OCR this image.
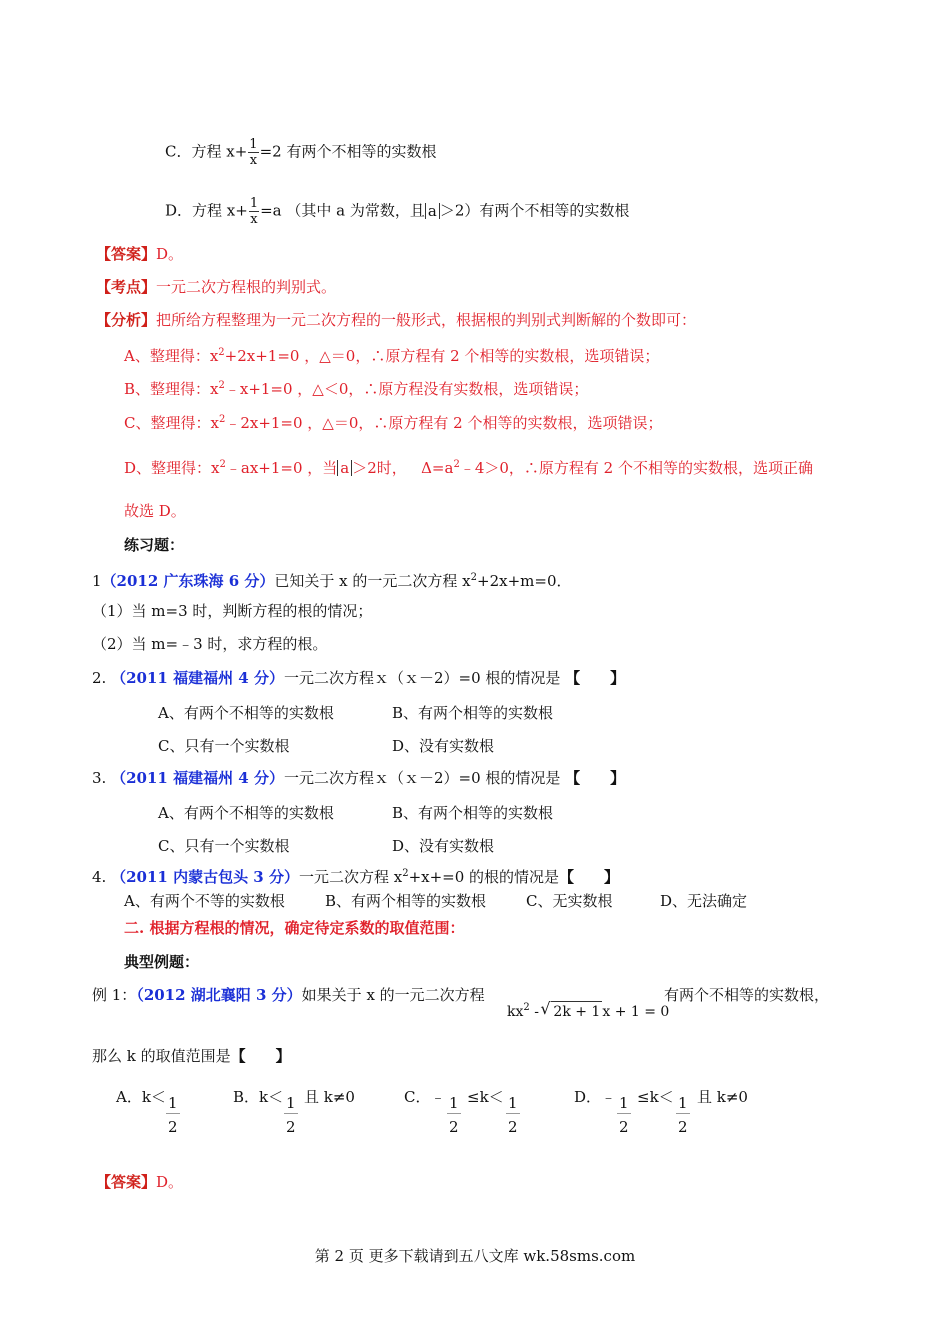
C．方程 $x+ \frac{1}{x} =2$ 有两个不相等的实数根
D．方程 $x+ \frac{1}{x} =a$ （其中 a 为常数，且 a ＞2）有两个不相等的实数根
【答案】D。
【考点】一元二次方程根的判别式。
【分析】把所给方程整理为一元二次方程的一般形式，根据根的判别式判断解的个数即可：
A、整理得：$x^2+2x+1=0$ ，△＝0，∴原方程有 2 个相等的实数根，选项错误；
B、整理得：$x^2﹣x+1=0$ ，△＜0，∴原方程没有实数根，选项错误；
C、整理得：$x^2﹣2x+1=0$ ，△＝0，∴原方程有 2 个相等的实数根，选项错误；
D、整理得：$x^2﹣ax+1=0$ ，当 a ＞2时， $\Delta=a^2﹣4>0$，∴原方程有 2 个不相等的实数根，选项正确
故选 D。
练习题：
1（2012 广东珠海 6 分）已知关于 x 的一元二次方程 $x^2+2x+m=0$．
（1）当 m=3 时，判断方程的根的情况；
（2）当 m=﹣3 时，求方程的根。
2. （2011 福建福州 4 分）一元二次方程ｘ（ｘ－2）=0 根的情况是 【　　】
A、有两个不相等的实数根	B、有两个相等的实数根
C、只有一个实数根	D、没有实数根
3. （2011 福建福州 4 分）一元二次方程ｘ（ｘ－2）=0 根的情况是 【　　】
A、有两个不相等的实数根	B、有两个相等的实数根
C、只有一个实数根	D、没有实数根
4. （2011 内蒙古包头 3 分）一元二次方程 $x^2+x+=0$ 的根的情况是【　　】
A、有两个不等的实数根	B、有两个相等的实数根	C、无实数根	D、无法确定
二. 根据方程根的情况，确定待定系数的取值范围：
典型例题：
例 1：（2012 湖北襄阳 3 分）如果关于 x 的一元二次方程
$kx^2$ - √ 2k + 1 x + 1 = 0
有两个不相等的实数根，
那么 k 的取值范围是【　　】
A．k＜ 1
2
B．k＜ 1
2
且 k≠0	C．﹣ 1
2
≤k＜ 1
2
D．﹣ 1
2
≤k＜ 1
2
且 k≠0
【答案】D。
第 2 页 更多下载请到五八文库 wk.58sms.com
